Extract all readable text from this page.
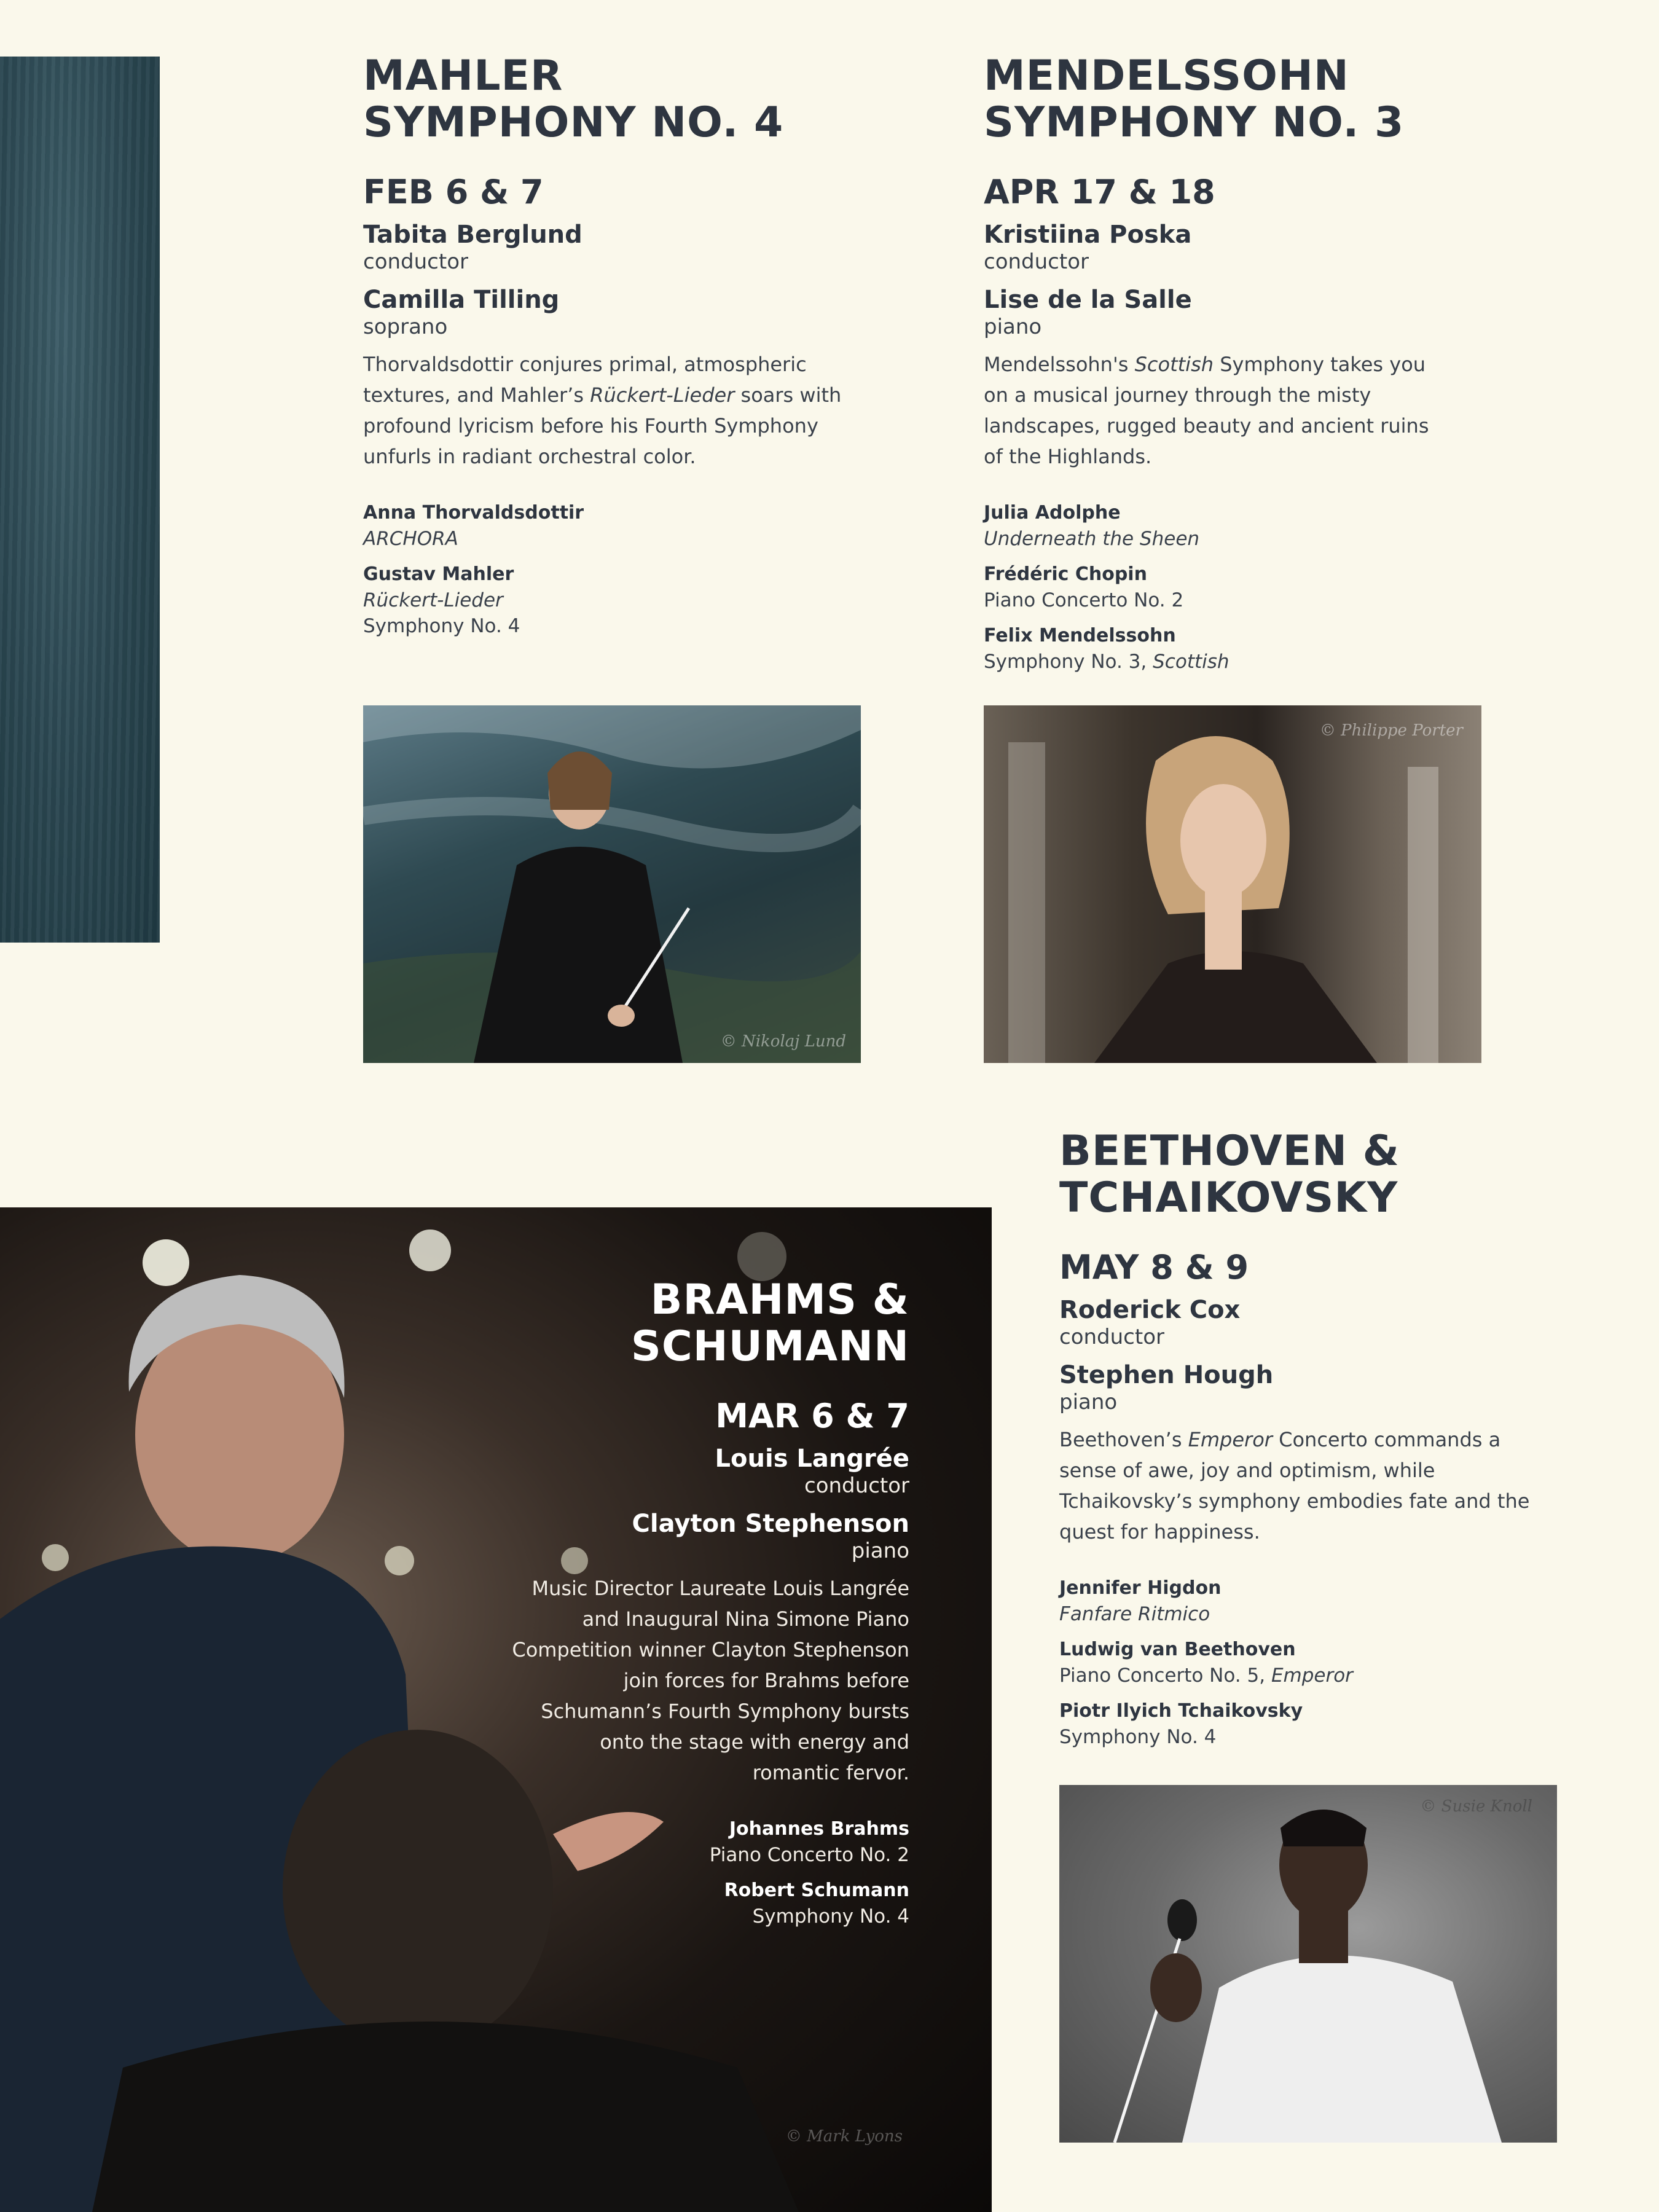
MAHLER
SYMPHONY NO. 4
FEB 6 & 7
Tabita Berglund
conductor
Camilla Tilling
soprano
Thorvaldsdottir conjures primal, atmospheric textures, and Mahler’s Rückert-Lieder soars with profound lyricism before his Fourth Symphony unfurls in radiant orchestral color.
Anna Thorvaldsdottir
ARCHORA
Gustav Mahler
Rückert-Lieder
Symphony No. 4
© Nikolaj Lund
MENDELSSOHN
SYMPHONY NO. 3
APR 17 & 18
Kristiina Poska
conductor
Lise de la Salle
piano
Mendelssohn's Scottish Symphony takes you on a musical journey through the misty landscapes, rugged beauty and ancient ruins of the Highlands.
Julia Adolphe
Underneath the Sheen
Frédéric Chopin
Piano Concerto No. 2
Felix Mendelssohn
Symphony No. 3, Scottish
© Philippe Porter
© Mark Lyons
BRAHMS &
SCHUMANN
MAR 6 & 7
Louis Langrée
conductor
Clayton Stephenson
piano
Music Director Laureate Louis Langrée and Inaugural Nina Simone Piano Competition winner Clayton Stephenson join forces for Brahms before Schumann’s Fourth Symphony bursts onto the stage with energy and romantic fervor.
Johannes Brahms
Piano Concerto No. 2
Robert Schumann
Symphony No. 4
BEETHOVEN &
TCHAIKOVSKY
MAY 8 & 9
Roderick Cox
conductor
Stephen Hough
piano
Beethoven’s Emperor Concerto commands a sense of awe, joy and optimism, while Tchaikovsky’s symphony embodies fate and the quest for happiness.
Jennifer Higdon
Fanfare Ritmico
Ludwig van Beethoven
Piano Concerto No. 5, Emperor
Piotr Ilyich Tchaikovsky
Symphony No. 4
© Susie Knoll
